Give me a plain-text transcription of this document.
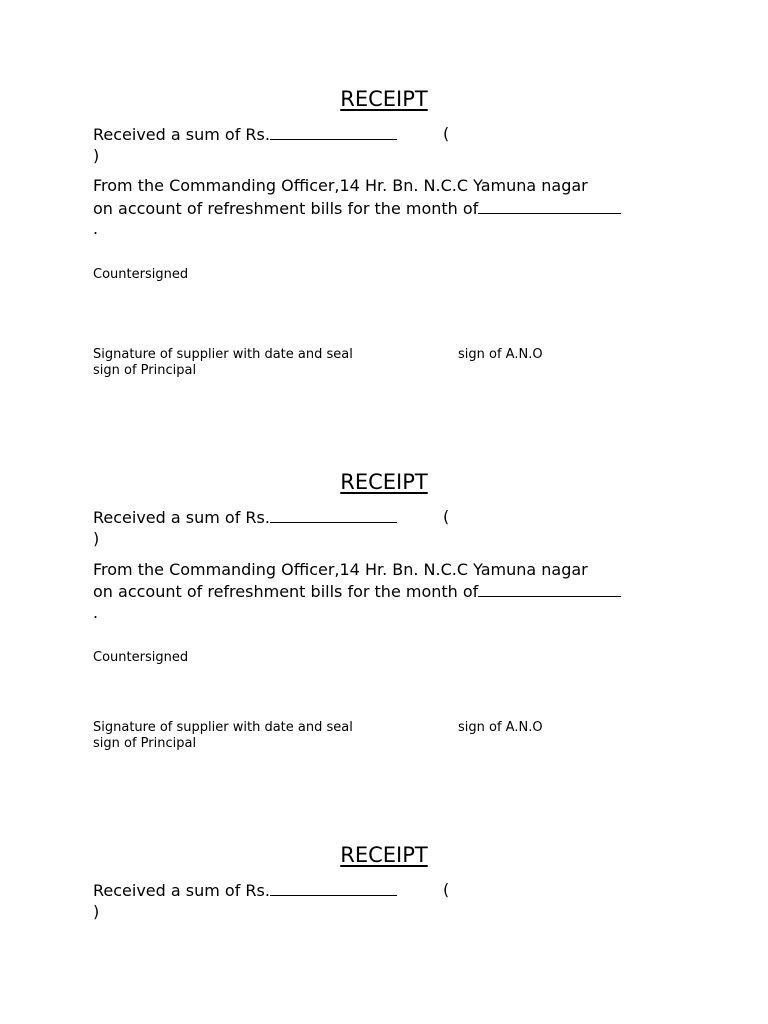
RECEIPT
Received a sum of Rs.	(
)
From the Commanding Officer,14 Hr. Bn. N.C.C Yamuna nagar
on account of refreshment bills for the month of
.
Countersigned
Signature of supplier with date and seal	sign of A.N.O
sign of Principal
RECEIPT
Received a sum of Rs.	(
)
From the Commanding Officer,14 Hr. Bn. N.C.C Yamuna nagar
on account of refreshment bills for the month of
.
Countersigned
Signature of supplier with date and seal	sign of A.N.O
sign of Principal
RECEIPT
Received a sum of Rs.	(
)
